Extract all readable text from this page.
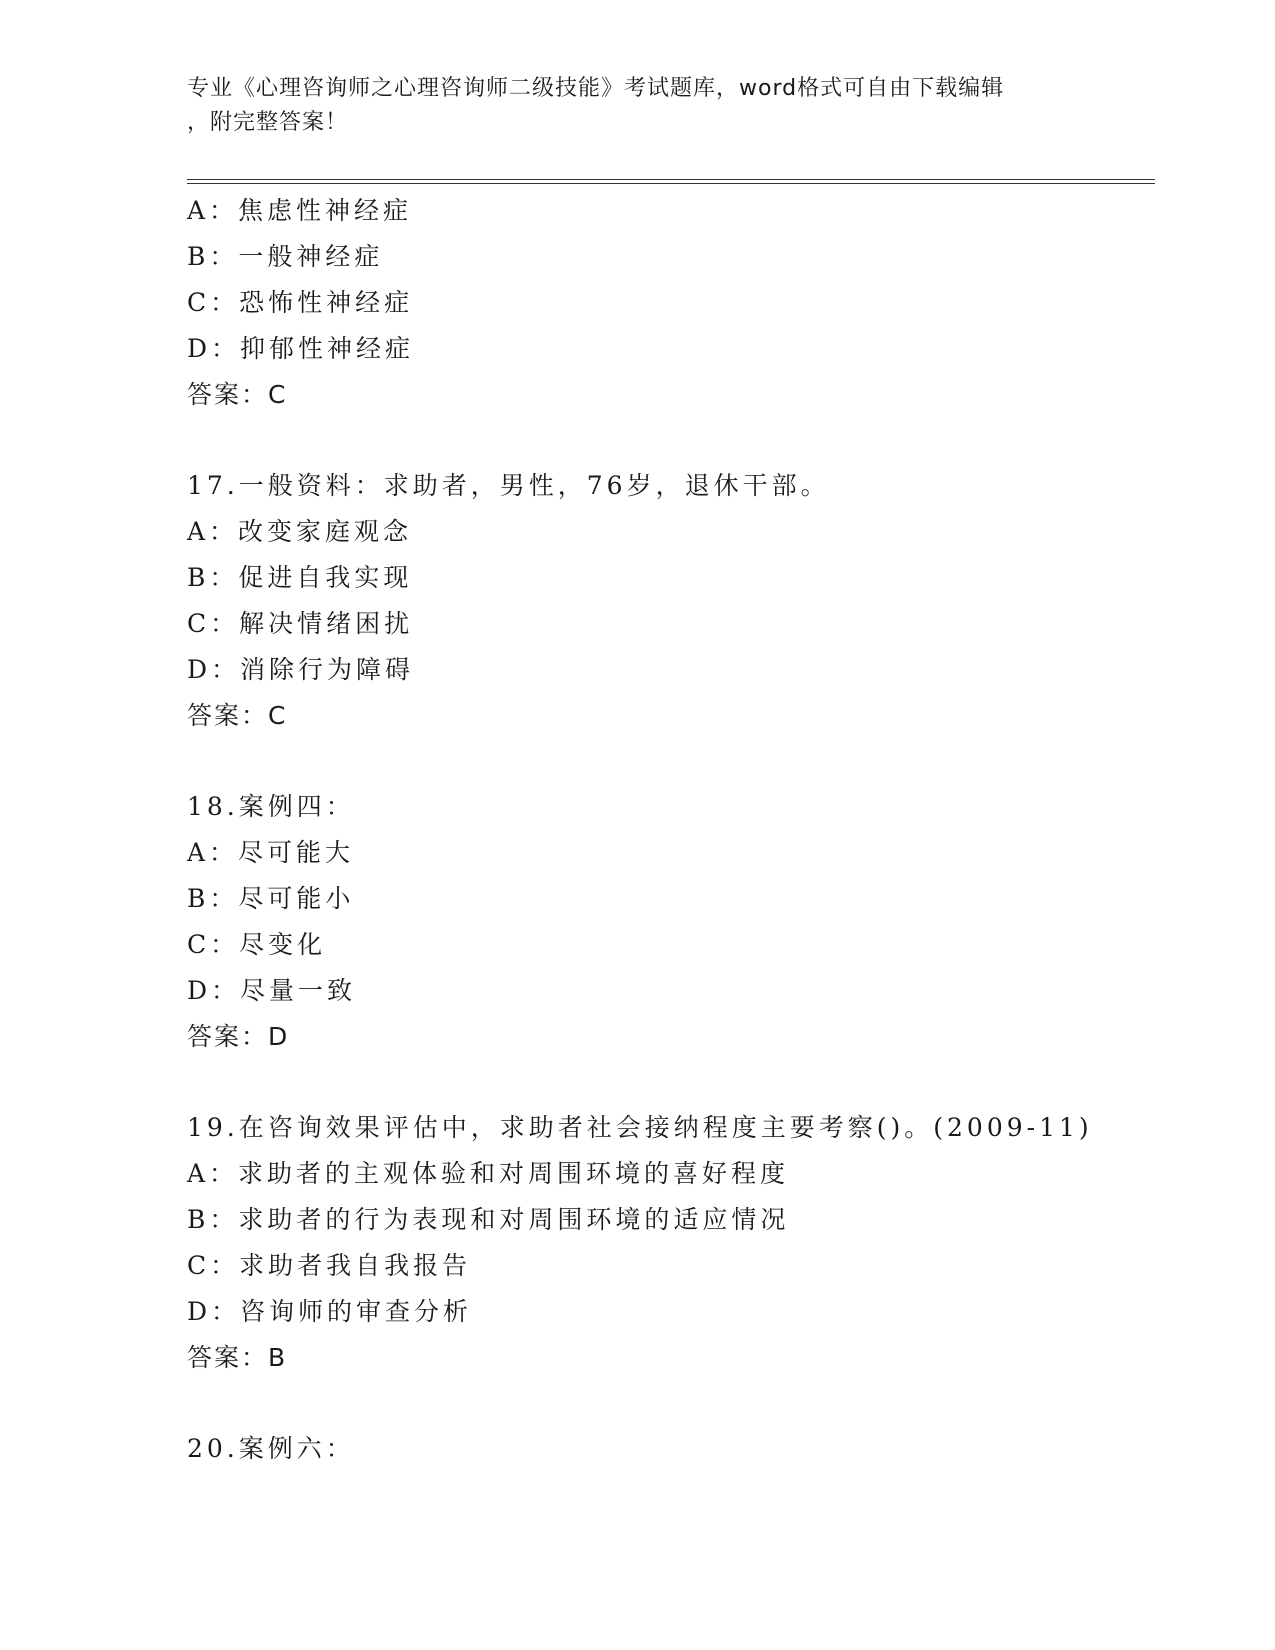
专业《心理咨询师之心理咨询师二级技能》考试题库，word格式可自由下载编辑
，附完整答案！
A：焦虑性神经症
B：一般神经症
C：恐怖性神经症
D：抑郁性神经症
答案：C
17.一般资料：求助者，男性，76岁，退休干部。
A：改变家庭观念
B：促进自我实现
C：解决情绪困扰
D：消除行为障碍
答案：C
18.案例四：
A：尽可能大
B：尽可能小
C：尽变化
D：尽量一致
答案：D
19.在咨询效果评估中，求助者社会接纳程度主要考察()。(2009-11)
A：求助者的主观体验和对周围环境的喜好程度
B：求助者的行为表现和对周围环境的适应情况
C：求助者我自我报告
D：咨询师的审查分析
答案：B
20.案例六：
